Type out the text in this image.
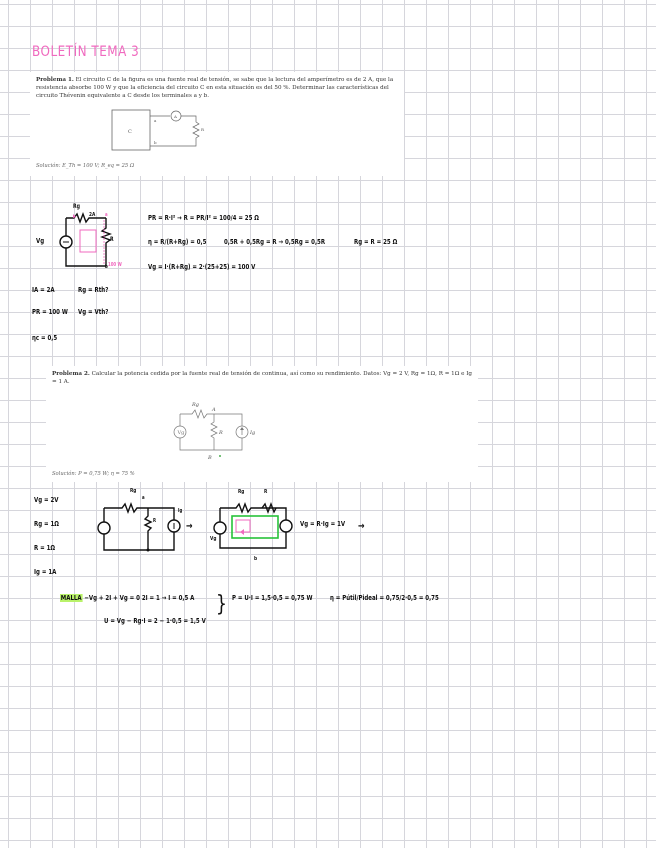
BOLETÍN TEMA 3
Problema 1. El circuito C de la figura es una fuente real de tensión, se sabe que la lectura del amperímetro es de 2 A, que la resistencia absorbe 100 W y que la eficiencia del circuito C en esta situación es del 50 %. Determinar las características del circuito Thévenin equivalente a C desde los terminales a y b.
C
A
R
a
b
Solución: E_Th = 100 V; R_eq = 25 Ω
Rg
2A
Vg	R
100 W
a
b
PR = R·I² → R = PR/I² = 100/4 = 25 Ω
η = R/(R+Rg) = 0,5	0,5R + 0,5Rg = R → 0,5Rg = 0,5R	Rg = R = 25 Ω
Vg = I·(R+Rg) = 2·(25+25) = 100 V
IA = 2A
PR = 100 W
ηc = 0,5
Rg = Rth?
Vg = Vth?
Problema 2. Calcular la potencia cedida por la fuente real de tensión de continua, así como su rendimiento. Datos: Vg = 2 V, Rg = 1Ω, R = 1Ω e Ig = 1 A.
Vg
Rg
A
R	Ig
B
Solución: P = 0,75 W; η = 75 %
Vg = 2V
Rg = 1Ω
R = 1Ω
Ig = 1A
Rg
a
R
Ig
→
Rg	R
Vg
b
Vg = R·Ig = 1V →
MALLA −Vg + 2I + Vg = 0 2I = 1 → I = 0,5 A
U = Vg − Rg·I = 2 − 1·0,5 = 1,5 V
} P = U·I = 1,5·0,5 = 0,75 W	η = Pútil/Pideal = 0,75/2·0,5 = 0,75
